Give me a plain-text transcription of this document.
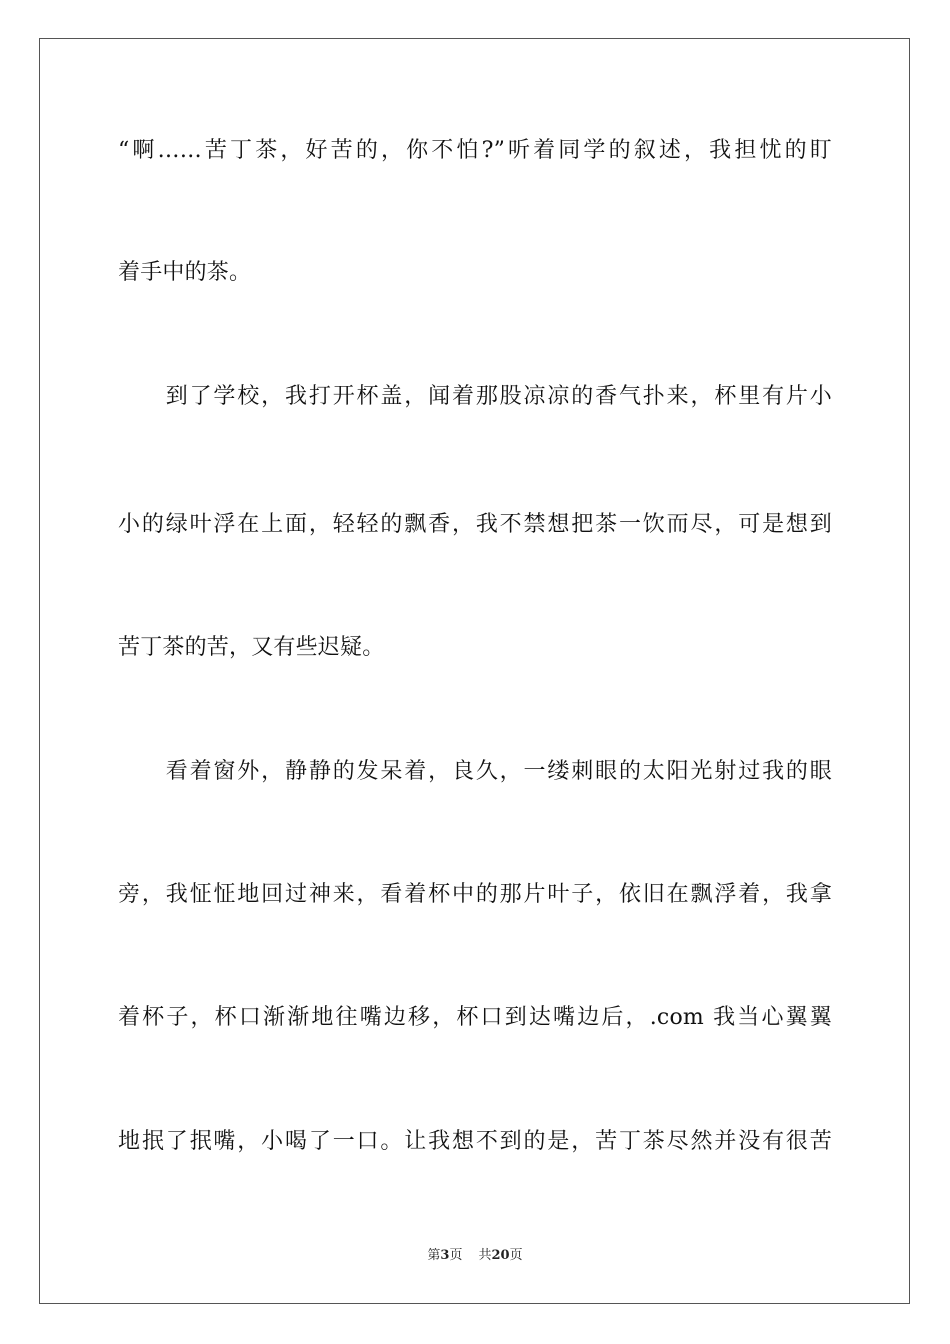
“啊……苦丁茶，好苦的，你不怕?”听着同学的叙述，我担忧的盯
着手中的茶。
　　到了学校，我打开杯盖，闻着那股凉凉的香气扑来，杯里有片小
小的绿叶浮在上面，轻轻的飘香，我不禁想把茶一饮而尽，可是想到
苦丁茶的苦，又有些迟疑。
　　看着窗外，静静的发呆着，良久，一缕刺眼的太阳光射过我的眼
旁，我怔怔地回过神来，看着杯中的那片叶子，依旧在飘浮着，我拿
着杯子，杯口渐渐地往嘴边移，杯口到达嘴边后，.com 我当心翼翼
地抿了抿嘴，小喝了一口。让我想不到的是，苦丁茶尽然并没有很苦
第3页 共20页
